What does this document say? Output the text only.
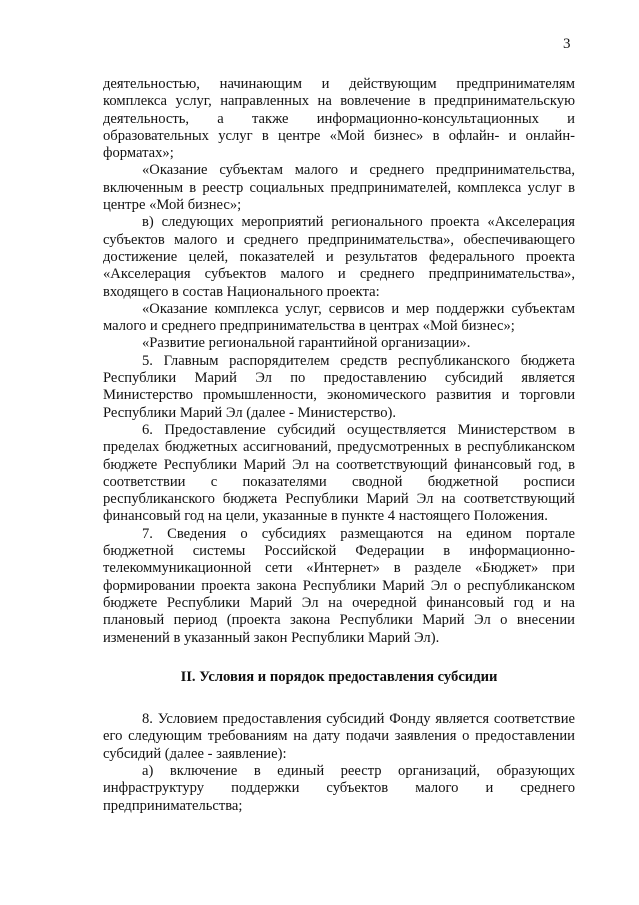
3

деятельностью, начинающим и действующим предпринимателям комплекса услуг, направленных на вовлечение в предпринимательскую деятельность, а также информационно-консультационных и образовательных услуг в центре «Мой бизнес» в офлайн- и онлайн-форматах»;

«Оказание субъектам малого и среднего предпринимательства, включенным в реестр социальных предпринимателей, комплекса услуг в центре «Мой бизнес»;

в) следующих мероприятий регионального проекта «Акселерация субъектов малого и среднего предпринимательства», обеспечивающего достижение целей, показателей и результатов федерального проекта «Акселерация субъектов малого и среднего предпринимательства», входящего в состав Национального проекта:

«Оказание комплекса услуг, сервисов и мер поддержки субъектам малого и среднего предпринимательства в центрах «Мой бизнес»;

«Развитие региональной гарантийной организации».

5. Главным распорядителем средств республиканского бюджета Республики Марий Эл по предоставлению субсидий является Министерство промышленности, экономического развития и торговли Республики Марий Эл (далее - Министерство).

6. Предоставление субсидий осуществляется Министерством в пределах бюджетных ассигнований, предусмотренных в республиканском бюджете Республики Марий Эл на соответствующий финансовый год, в соответствии с показателями сводной бюджетной росписи республиканского бюджета Республики Марий Эл на соответствующий финансовый год на цели, указанные в пункте 4 настоящего Положения.

7. Сведения о субсидиях размещаются на едином портале бюджетной системы Российской Федерации в информационно-телекоммуникационной сети «Интернет» в разделе «Бюджет» при формировании проекта закона Республики Марий Эл о республиканском бюджете Республики Марий Эл на очередной финансовый год и на плановый период (проекта закона Республики Марий Эл о внесении изменений в указанный закон Республики Марий Эл).

II. Условия и порядок предоставления субсидии

8. Условием предоставления субсидий Фонду является соответствие его следующим требованиям на дату подачи заявления о предоставлении субсидий (далее - заявление):

а) включение в единый реестр организаций, образующих инфраструктуру поддержки субъектов малого и среднего предпринимательства;
